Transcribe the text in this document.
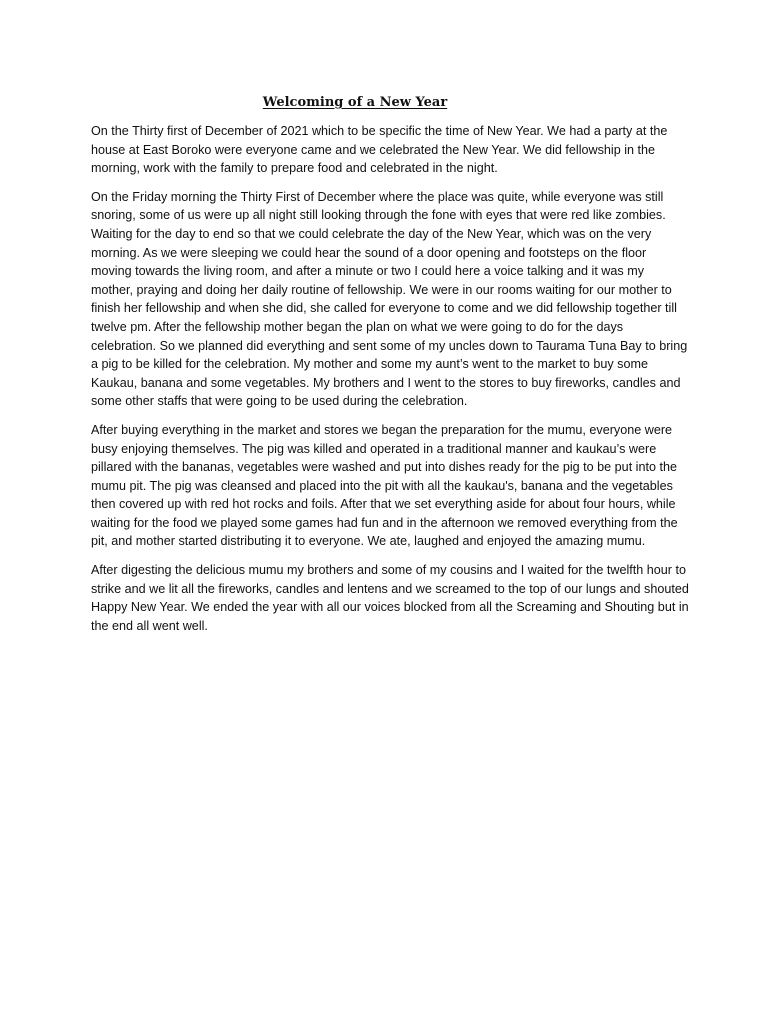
Welcoming of a New Year

On the Thirty first of December of 2021 which to be specific the time of New Year. We had a party at the house at East Boroko were everyone came and we celebrated the New Year. We did fellowship in the morning, work with the family to prepare food and celebrated in the night.

On the Friday morning the Thirty First of December where the place was quite, while everyone was still snoring, some of us were up all night still looking through the fone with eyes that were red like zombies. Waiting for the day to end so that we could celebrate the day of the New Year, which was on the very morning. As we were sleeping we could hear the sound of a door opening and footsteps on the floor moving towards the living room, and after a minute or two I could here a voice talking and it was my mother, praying and doing her daily routine of fellowship. We were in our rooms waiting for our mother to finish her fellowship and when she did, she called for everyone to come and we did fellowship together till twelve pm. After the fellowship mother began the plan on what we were going to do for the days celebration. So we planned did everything and sent some of my uncles down to Taurama Tuna Bay to bring a pig to be killed for the celebration. My mother and some my aunt’s went to the market to buy some Kaukau, banana and some vegetables. My brothers and I went to the stores to buy fireworks, candles and some other staffs that were going to be used during the celebration.

After buying everything in the market and stores we began the preparation for the mumu, everyone were busy enjoying themselves. The pig was killed and operated in a traditional manner and kaukau’s were pillared with the bananas, vegetables were washed and put into dishes ready for the pig to be put into the mumu pit. The pig was cleansed and placed into the pit with all the kaukau's, banana and the vegetables then covered up with red hot rocks and foils. After that we set everything aside for about four hours, while waiting for the food we played some games had fun and in the afternoon we removed everything from the pit, and mother started distributing it to everyone. We ate, laughed and enjoyed the amazing mumu.

After digesting the delicious mumu my brothers and some of my cousins and I waited for the twelfth hour to strike and we lit all the fireworks, candles and lentens and we screamed to the top of our lungs and shouted Happy New Year. We ended the year with all our voices blocked from all the Screaming and Shouting but in the end all went well.
